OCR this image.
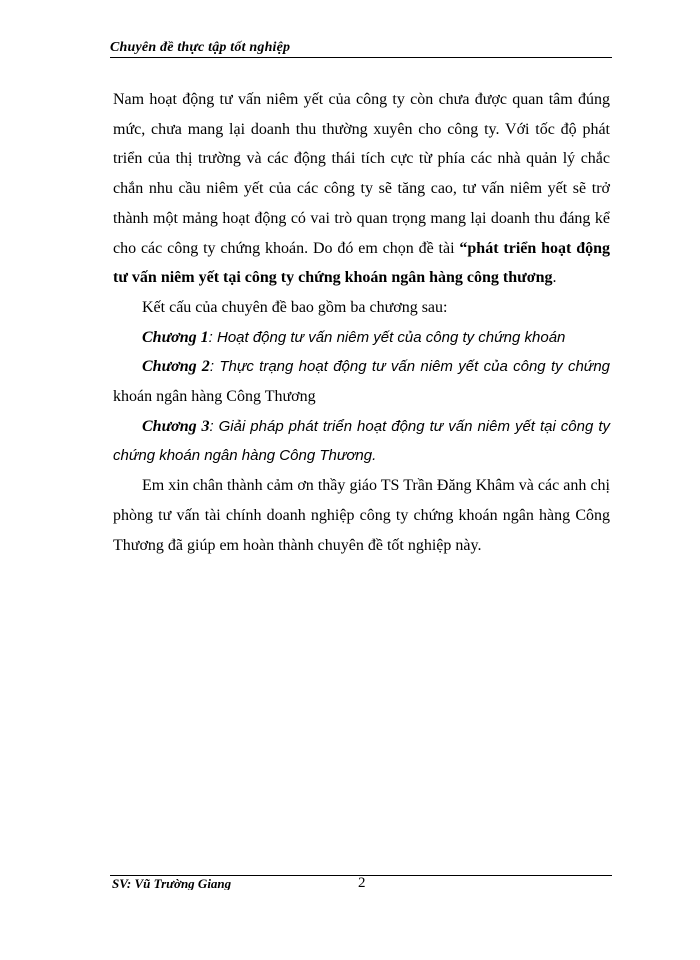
Chuyên đề thực tập tốt nghiệp

Nam hoạt động tư vấn niêm yết của công ty còn chưa được quan tâm đúng mức, chưa mang lại doanh thu thường xuyên cho công ty. Với tốc độ phát triển của thị trường và các động thái tích cực từ phía các nhà quản lý chắc chắn nhu cầu niêm yết của các công ty sẽ tăng cao, tư vấn niêm yết sẽ trở thành một mảng hoạt động có vai trò quan trọng mang lại doanh thu đáng kể cho các công ty chứng khoán. Do đó em chọn đề tài “phát triển hoạt động tư vấn niêm yết tại công ty chứng khoán ngân hàng công thương.

Kết cấu của chuyên đề bao gồm ba chương sau:

Chương 1: Hoạt động tư vấn niêm yết của công ty chứng khoán

Chương 2: Thực trạng hoạt động tư vấn niêm yết của công ty chứng khoán ngân hàng Công Thương

Chương 3: Giải pháp phát triển hoạt động tư vấn niêm yết tại công ty chứng khoán ngân hàng Công Thương.

Em xin chân thành cảm ơn thầy giáo TS Trần Đăng Khâm và các anh chị phòng tư vấn tài chính doanh nghiệp công ty chứng khoán ngân hàng Công Thương đã giúp em hoàn thành chuyên đề tốt nghiệp này.

SV: Vũ Trường Giang	2
